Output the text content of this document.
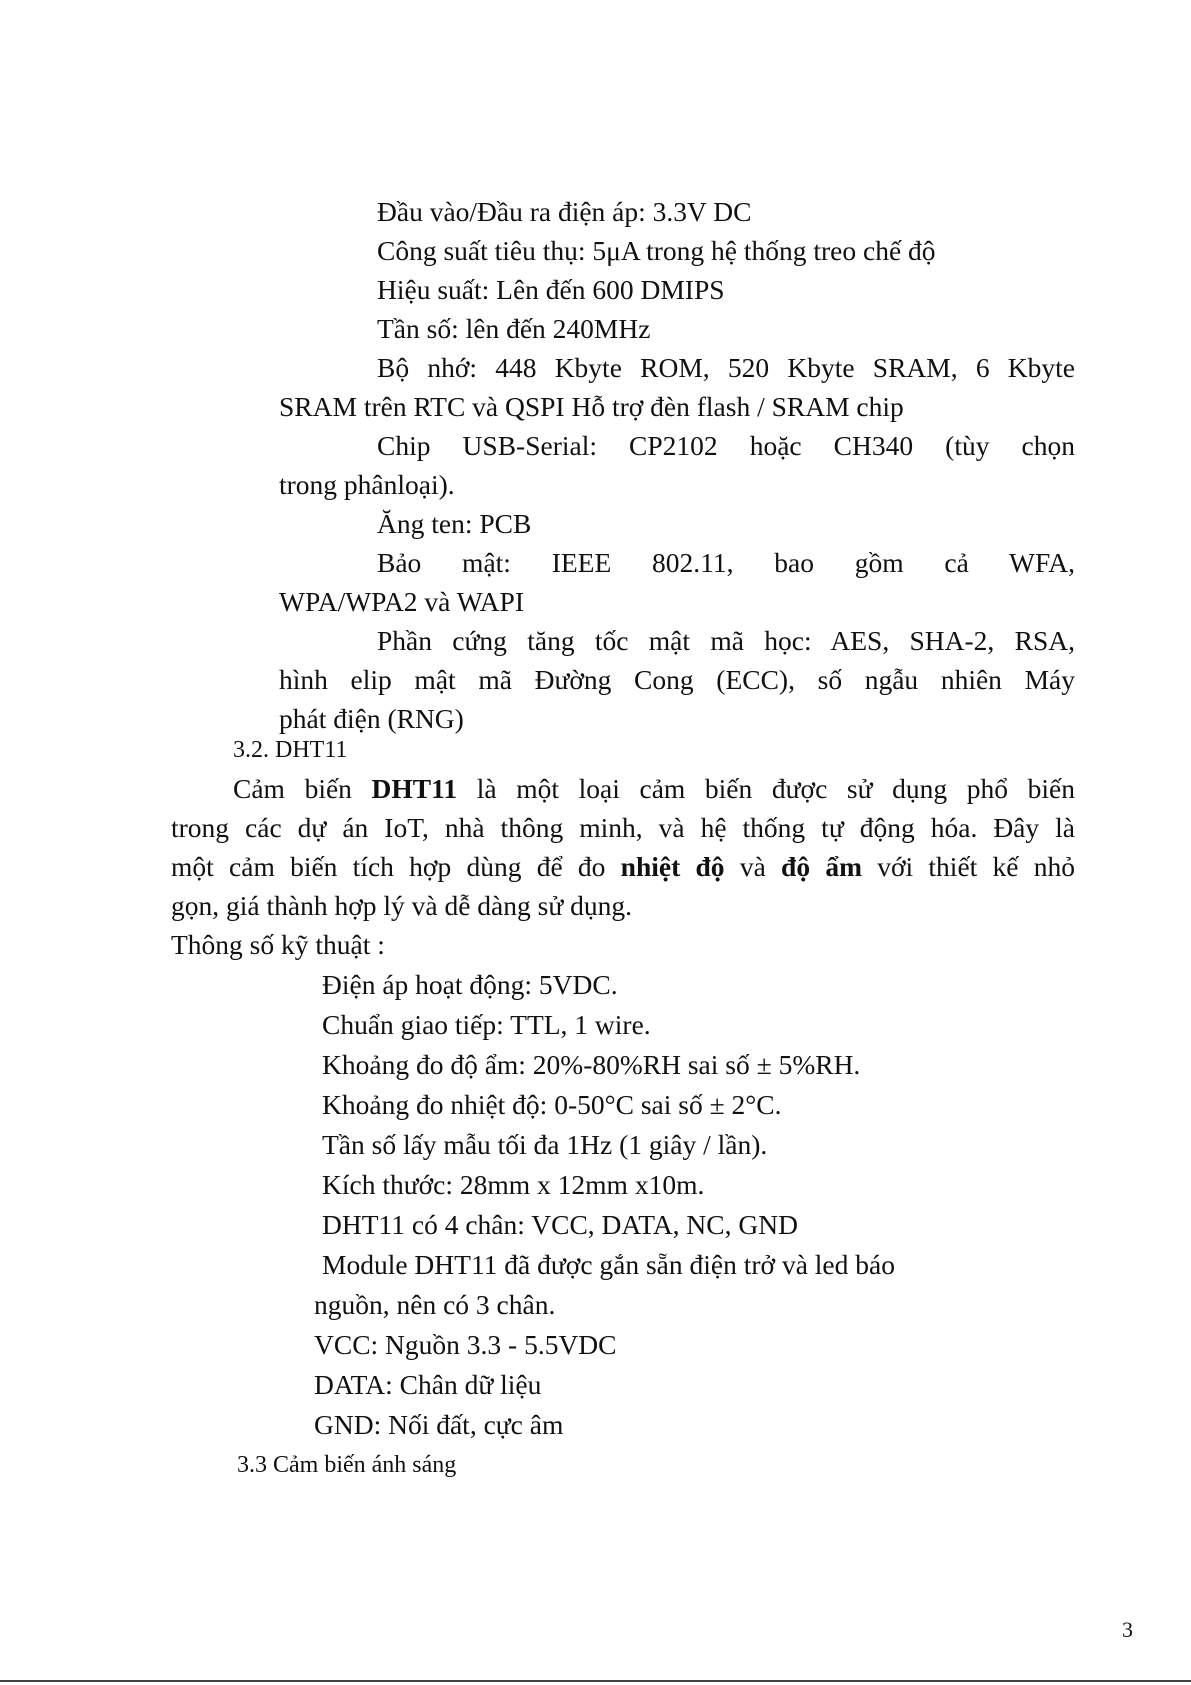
Đầu vào/Đầu ra điện áp: 3.3V DC
Công suất tiêu thụ: 5μA trong hệ thống treo chế độ
Hiệu suất: Lên đến 600 DMIPS
Tần số: lên đến 240MHz
Bộ nhớ: 448 Kbyte ROM, 520 Kbyte SRAM, 6 Kbyte
SRAM trên RTC và QSPI Hỗ trợ đèn flash / SRAM chip
Chip USB-Serial: CP2102 hoặc CH340 (tùy chọn
trong phânloại).
Ăng ten: PCB
Bảo mật: IEEE 802.11, bao gồm cả WFA,
WPA/WPA2 và WAPI
Phần cứng tăng tốc mật mã học: AES, SHA-2, RSA,
hình elip mật mã Đường Cong (ECC), số ngẫu nhiên Máy
phát điện (RNG)
3.2. DHT11
Cảm biến DHT11 là một loại cảm biến được sử dụng phổ biến
trong các dự án IoT, nhà thông minh, và hệ thống tự động hóa. Đây là
một cảm biến tích hợp dùng để đo nhiệt độ và độ ẩm với thiết kế nhỏ
gọn, giá thành hợp lý và dễ dàng sử dụng.
Thông số kỹ thuật :
Điện áp hoạt động: 5VDC.
Chuẩn giao tiếp: TTL, 1 wire.
Khoảng đo độ ẩm: 20%-80%RH sai số ± 5%RH.
Khoảng đo nhiệt độ: 0-50°C sai số ± 2°C.
Tần số lấy mẫu tối đa 1Hz (1 giây / lần).
Kích thước: 28mm x 12mm x10m.
DHT11 có 4 chân: VCC, DATA, NC, GND
Module DHT11 đã được gắn sẵn điện trở và led báo
nguồn, nên có 3 chân.
VCC: Nguồn 3.3 - 5.5VDC
DATA: Chân dữ liệu
GND: Nối đất, cực âm
3.3 Cảm biến ánh sáng
3
